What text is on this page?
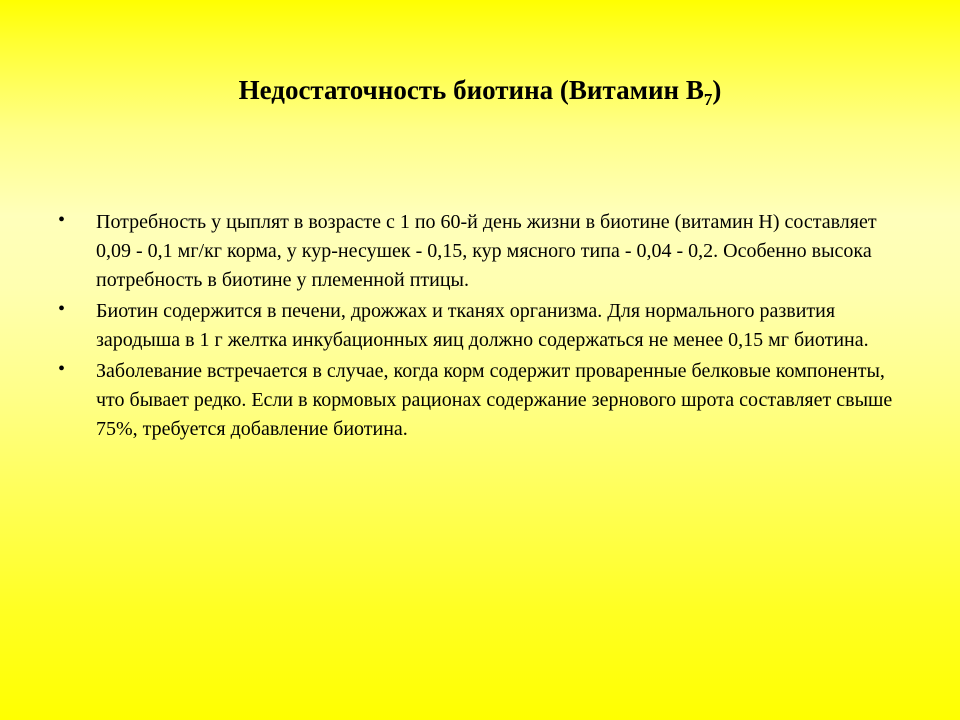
Недостаточность биотина (Витамин $В_7$)
• Потребность у цыплят в возрасте с 1 по 60-й день жизни в биотине (витамин Н) составляет 0,09 - 0,1 мг/кг корма, у кур-несушек - 0,15, кур мясного типа - 0,04 - 0,2. Особенно высока потребность в биотине у племенной птицы.
• Биотин содержится в печени, дрожжах и тканях организма. Для нормального развития зародыша в 1 г желтка инкубационных яиц должно содержаться не менее 0,15 мг биотина.
• Заболевание встречается в случае, когда корм содержит проваренные белковые компоненты, что бывает редко. Если в кормовых рационах содержание зернового шрота составляет свыше 75%, требуется добавление биотина.
